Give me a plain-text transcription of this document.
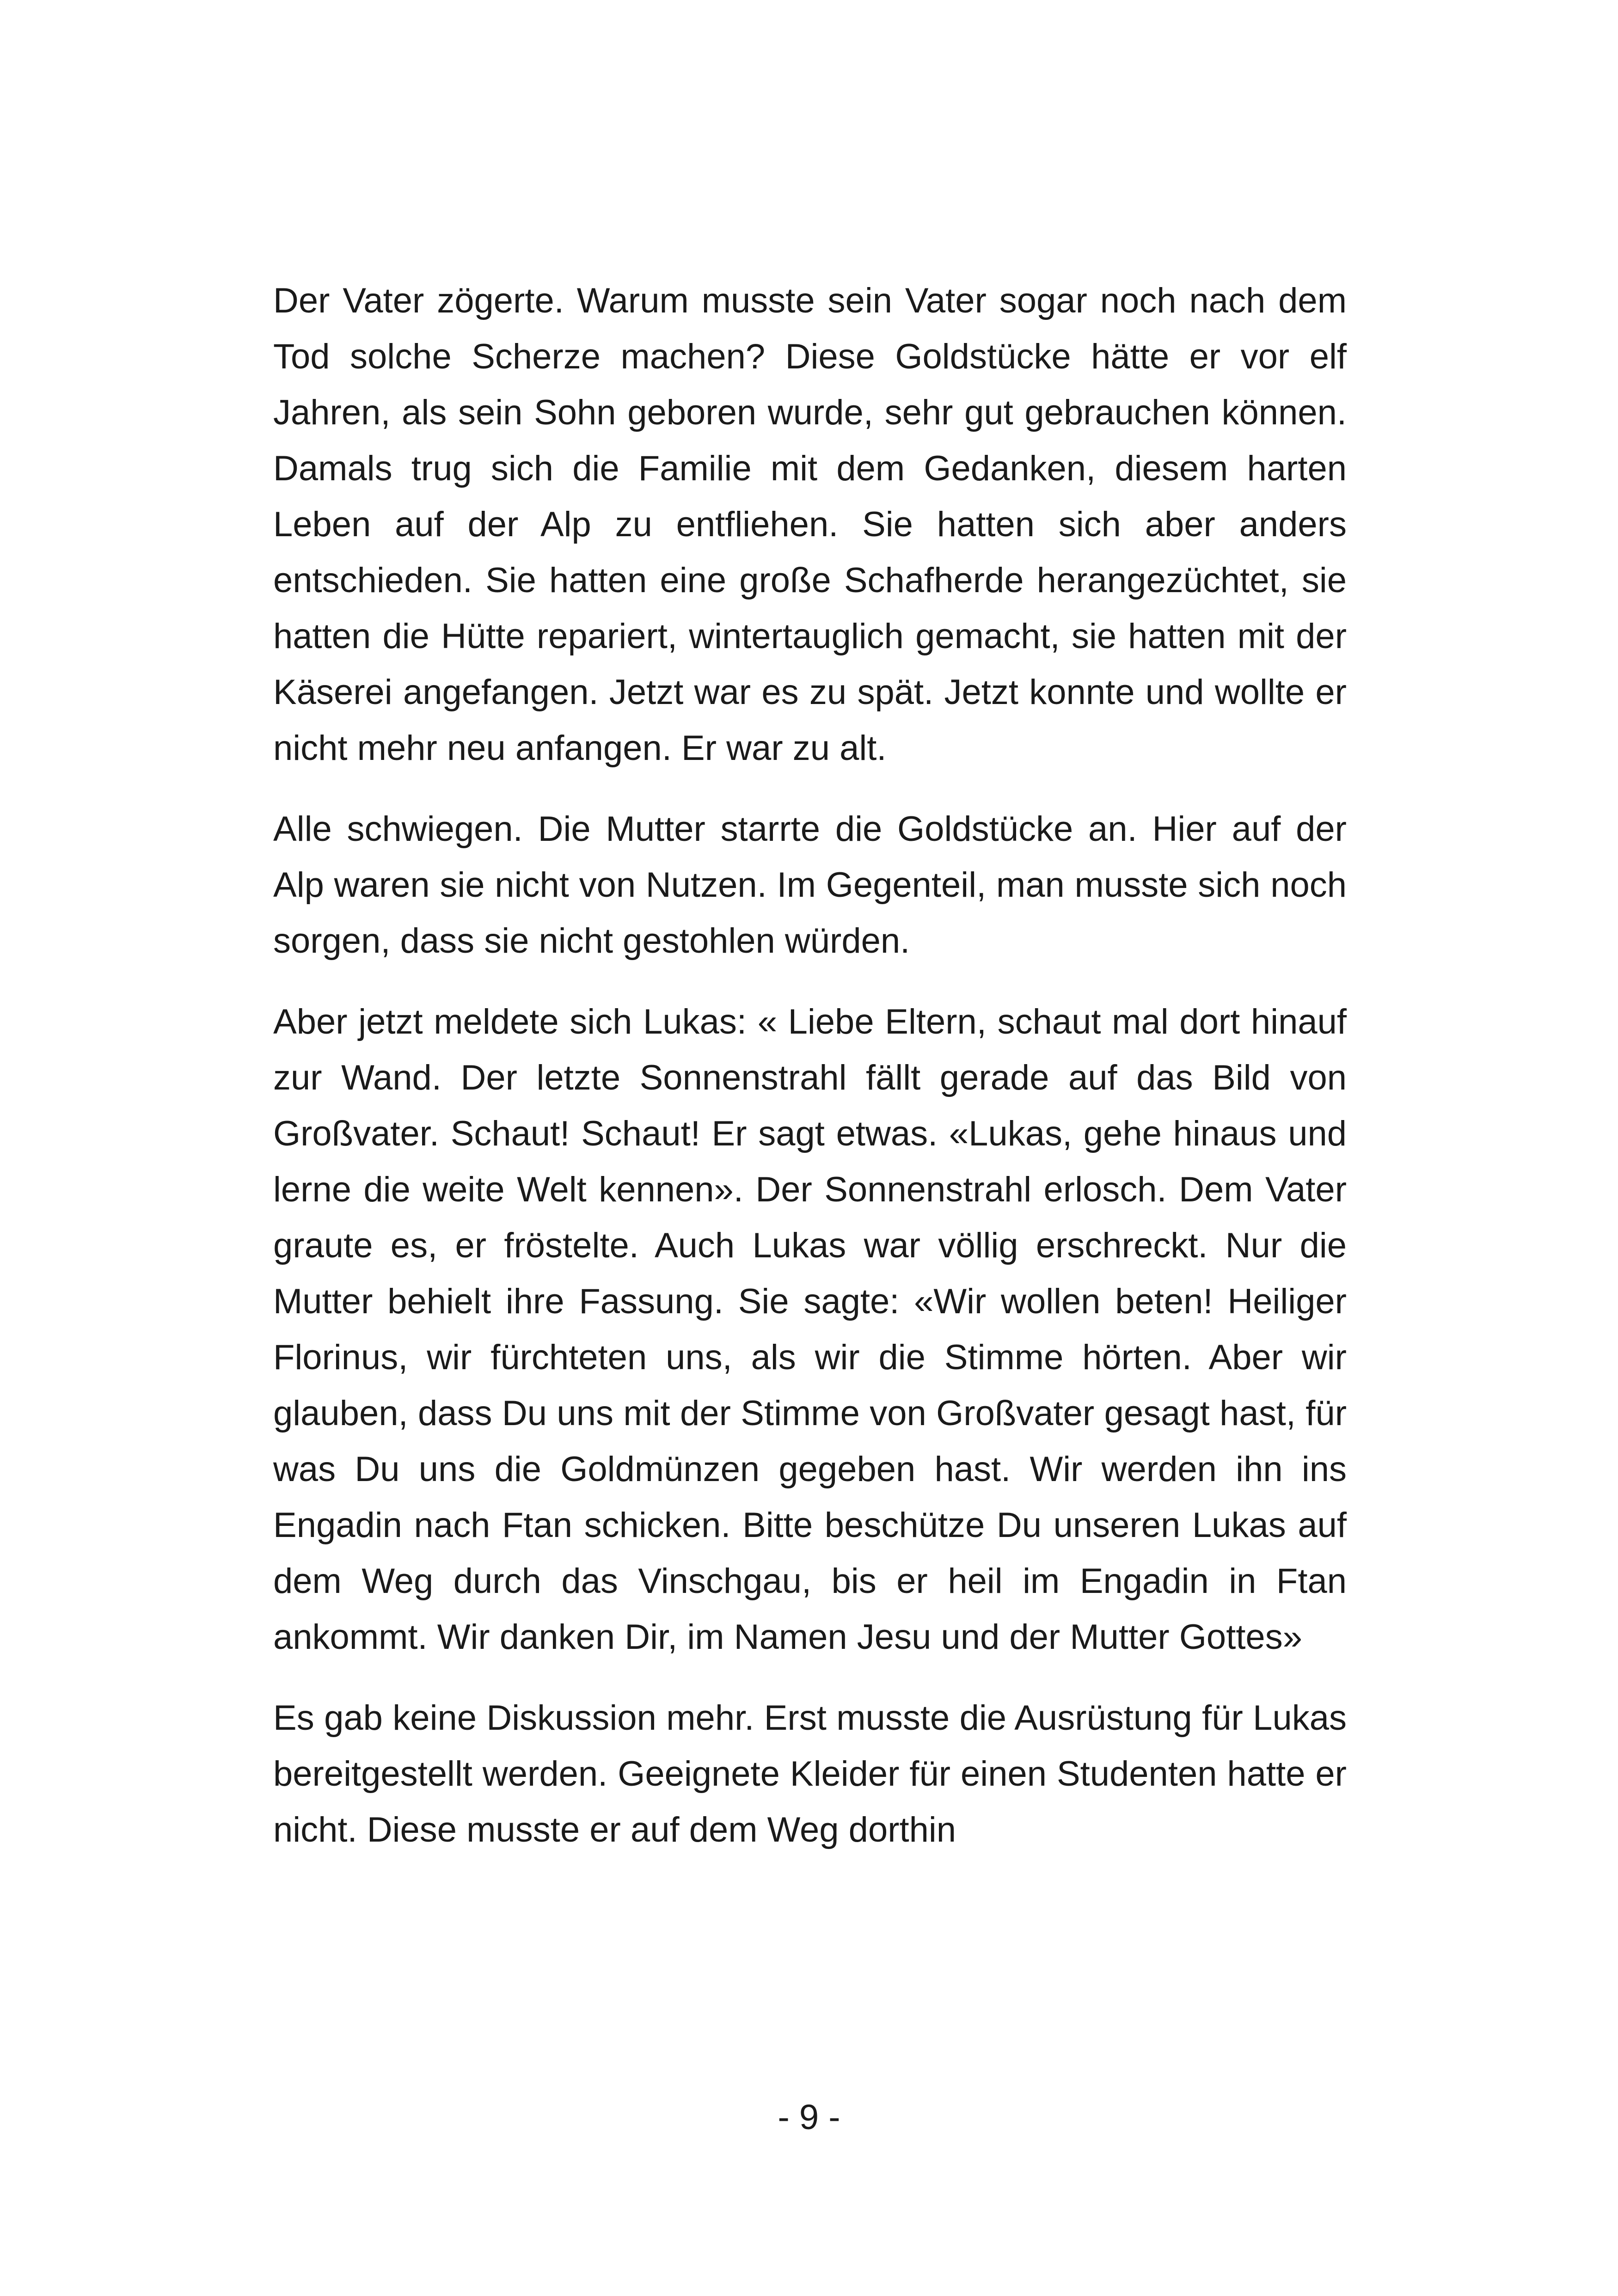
Der Vater zögerte. Warum musste sein Vater sogar noch nach dem Tod solche Scherze machen? Diese Goldstücke hätte er vor elf Jahren, als sein Sohn geboren wurde, sehr gut gebrauchen können. Damals trug sich die Familie mit dem Gedanken, diesem harten Leben auf der Alp zu entfliehen. Sie hatten sich aber anders entschieden. Sie hatten eine große Schafherde herangezüchtet, sie hatten die Hütte repariert, wintertauglich gemacht, sie hatten mit der Käserei angefangen. Jetzt war es zu spät. Jetzt konnte und wollte er nicht mehr neu anfangen. Er war zu alt.

Alle schwiegen. Die Mutter starrte die Goldstücke an. Hier auf der Alp waren sie nicht von Nutzen. Im Gegenteil, man musste sich noch sorgen, dass sie nicht gestohlen würden.

Aber jetzt meldete sich Lukas: « Liebe Eltern, schaut mal dort hinauf zur Wand. Der letzte Sonnenstrahl fällt gerade auf das Bild von Großvater. Schaut! Schaut! Er sagt etwas. «Lukas, gehe hinaus und lerne die weite Welt kennen». Der Sonnenstrahl erlosch. Dem Vater graute es, er fröstelte. Auch Lukas war völlig erschreckt. Nur die Mutter behielt ihre Fassung. Sie sagte: «Wir wollen beten! Heiliger Florinus, wir fürchteten uns, als wir die Stimme hörten. Aber wir glauben, dass Du uns mit der Stimme von Großvater gesagt hast, für was Du uns die Goldmünzen gegeben hast. Wir werden ihn ins Engadin nach Ftan schicken. Bitte beschütze Du unseren Lukas auf dem Weg durch das Vinschgau, bis er heil im Engadin in Ftan ankommt. Wir danken Dir, im Namen Jesu und der Mutter Gottes»

Es gab keine Diskussion mehr. Erst musste die Ausrüstung für Lukas bereitgestellt werden. Geeignete Kleider für einen Studenten hatte er nicht. Diese musste er auf dem Weg dorthin

- 9 -
